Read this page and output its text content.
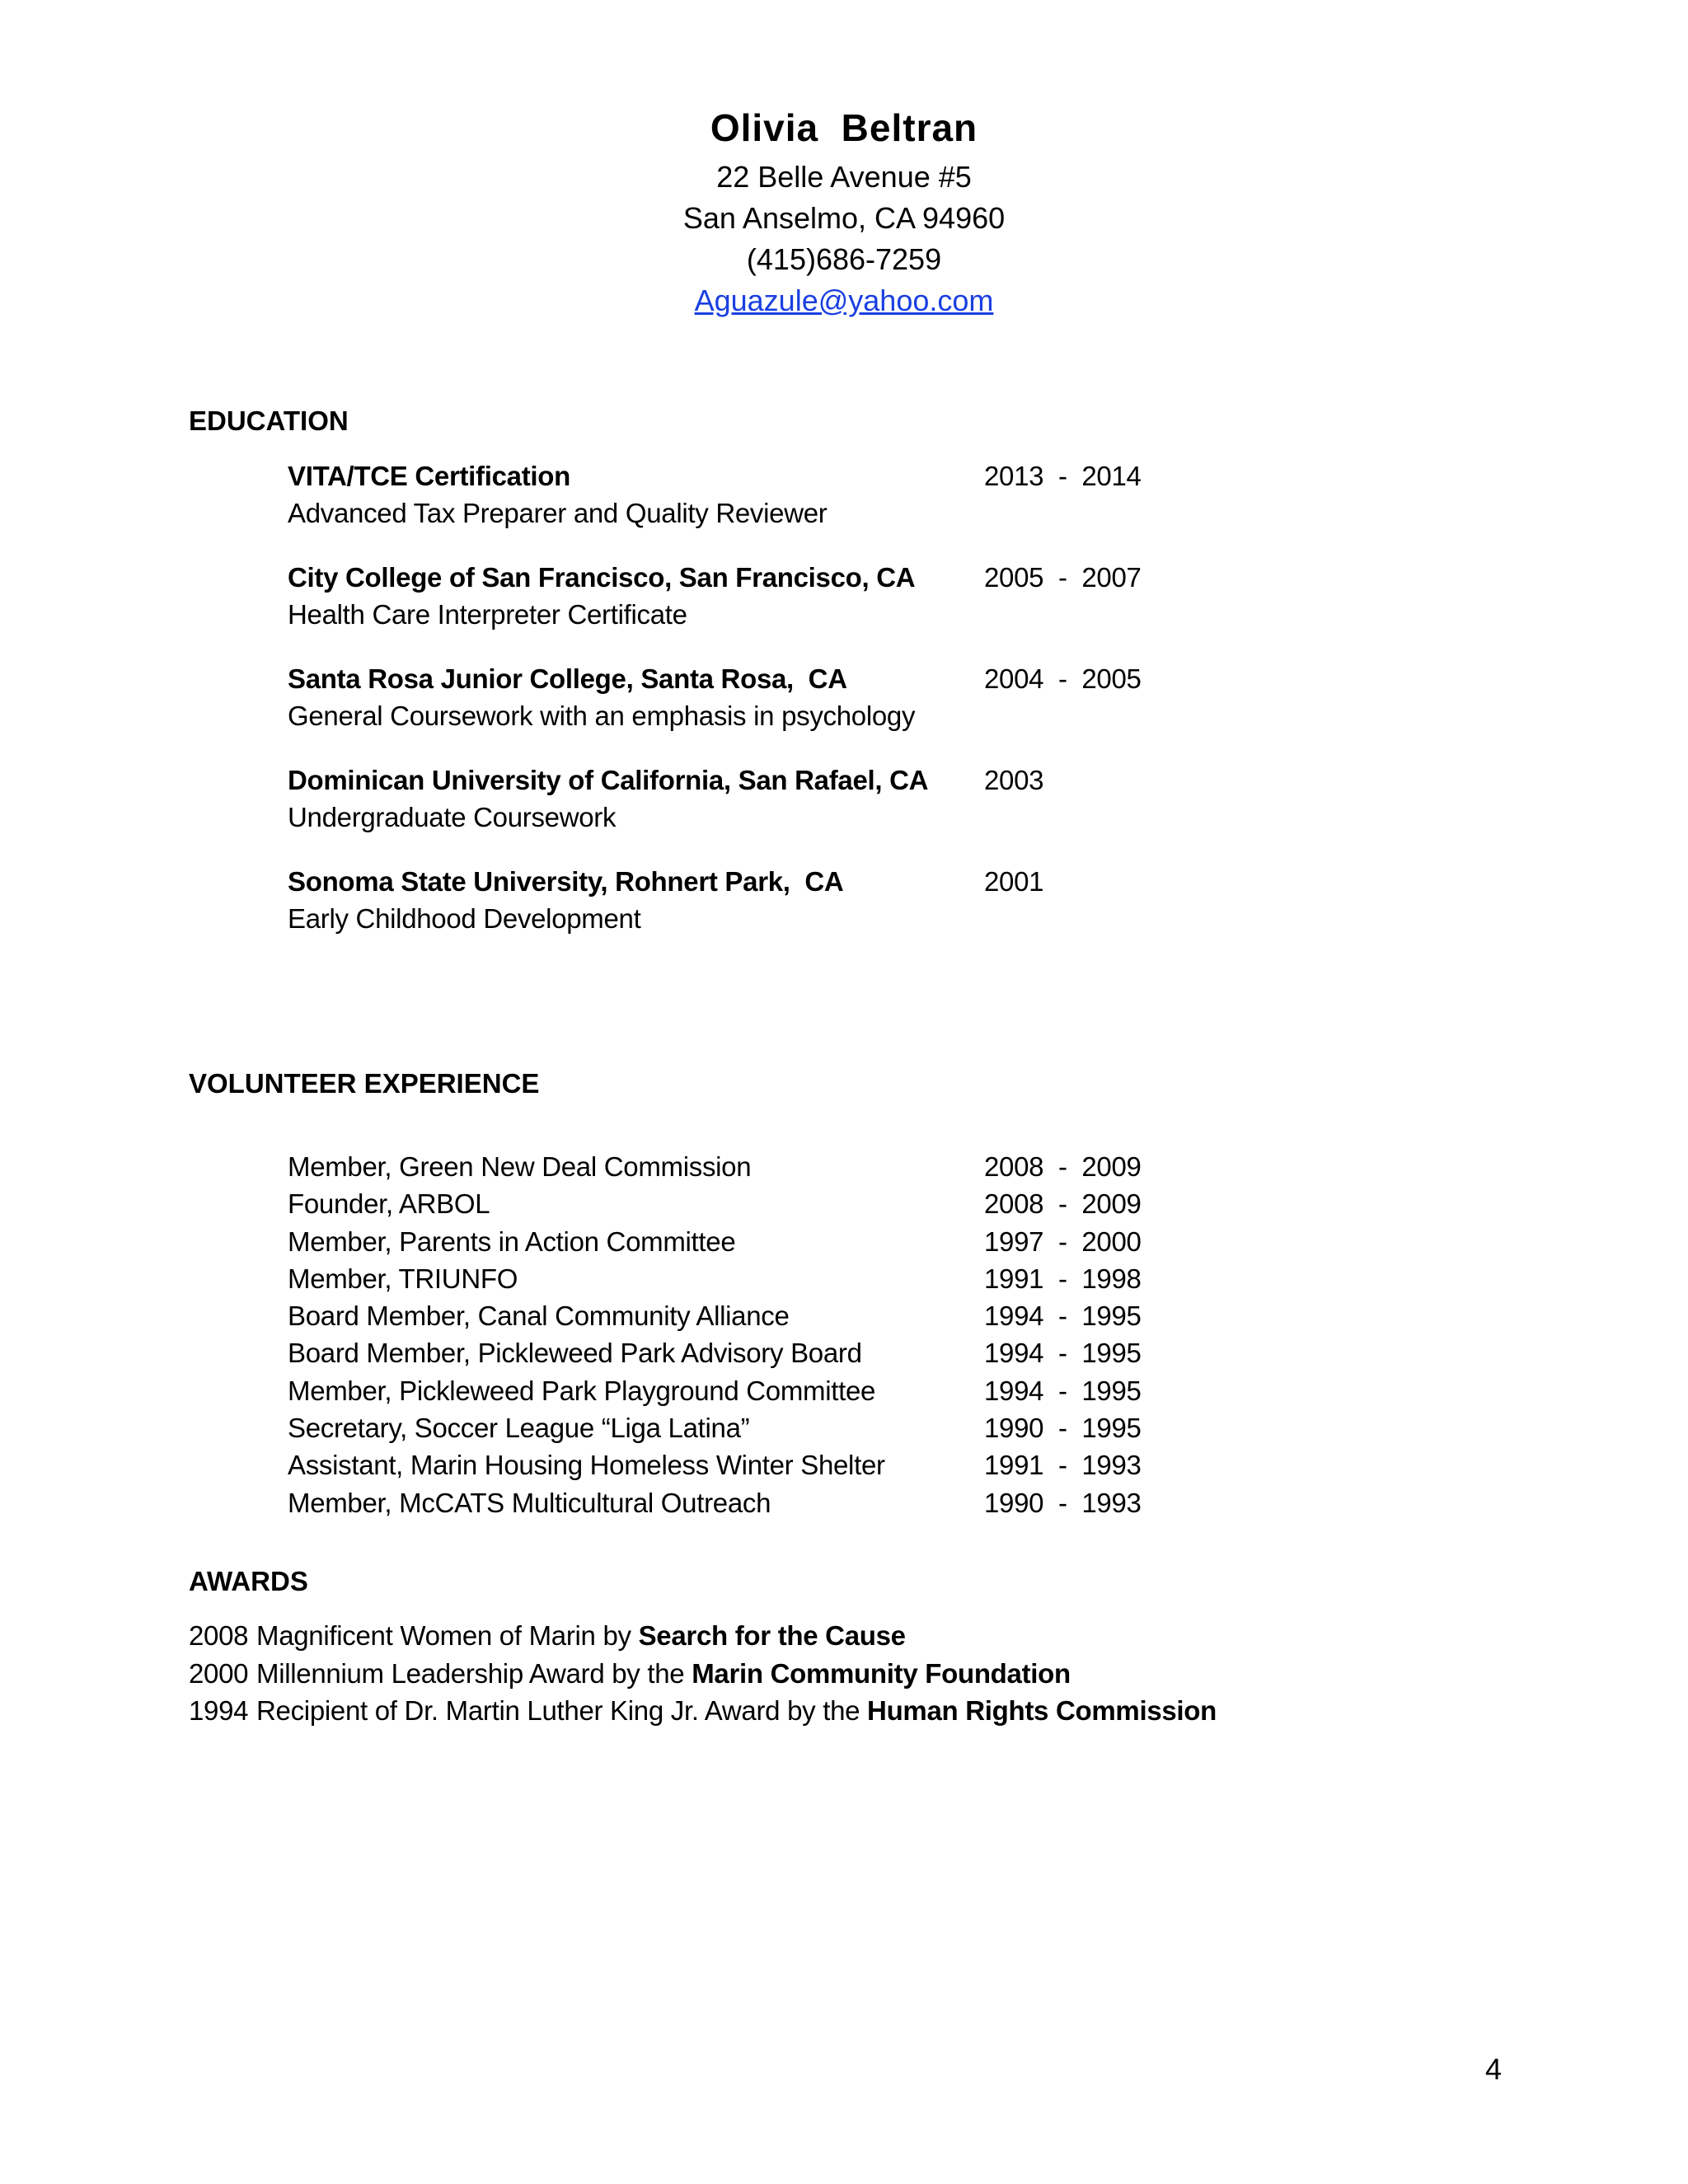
Olivia  Beltran
22 Belle Avenue #5
San Anselmo, CA 94960
(415)686-7259
Aguazule@yahoo.com
EDUCATION
VITA/TCE Certification
Advanced Tax Preparer and Quality Reviewer
2013  -  2014
City College of San Francisco, San Francisco, CA
Health Care Interpreter Certificate
2005  -  2007
Santa Rosa Junior College, Santa Rosa,  CA
General Coursework with an emphasis in psychology
2004  -  2005
Dominican University of California, San Rafael, CA
Undergraduate Coursework
2003
Sonoma State University, Rohnert Park,  CA
Early Childhood Development
2001
VOLUNTEER EXPERIENCE
Member, Green New Deal Commission	2008  -  2009
Founder, ARBOL	2008  -  2009
Member, Parents in Action Committee	1997  -  2000
Member, TRIUNFO	1991  -  1998
Board Member, Canal Community Alliance	1994  -  1995
Board Member, Pickleweed Park Advisory Board	1994  -  1995
Member, Pickleweed Park Playground Committee	1994  -  1995
Secretary, Soccer League “Liga Latina”	1990  -  1995
Assistant, Marin Housing Homeless Winter Shelter	1991  -  1993
Member, McCATS Multicultural Outreach	1990  -  1993
AWARDS
2008 Magnificent Women of Marin by Search for the Cause
2000 Millennium Leadership Award by the Marin Community Foundation
1994 Recipient of Dr. Martin Luther King Jr. Award by the Human Rights Commission
4
